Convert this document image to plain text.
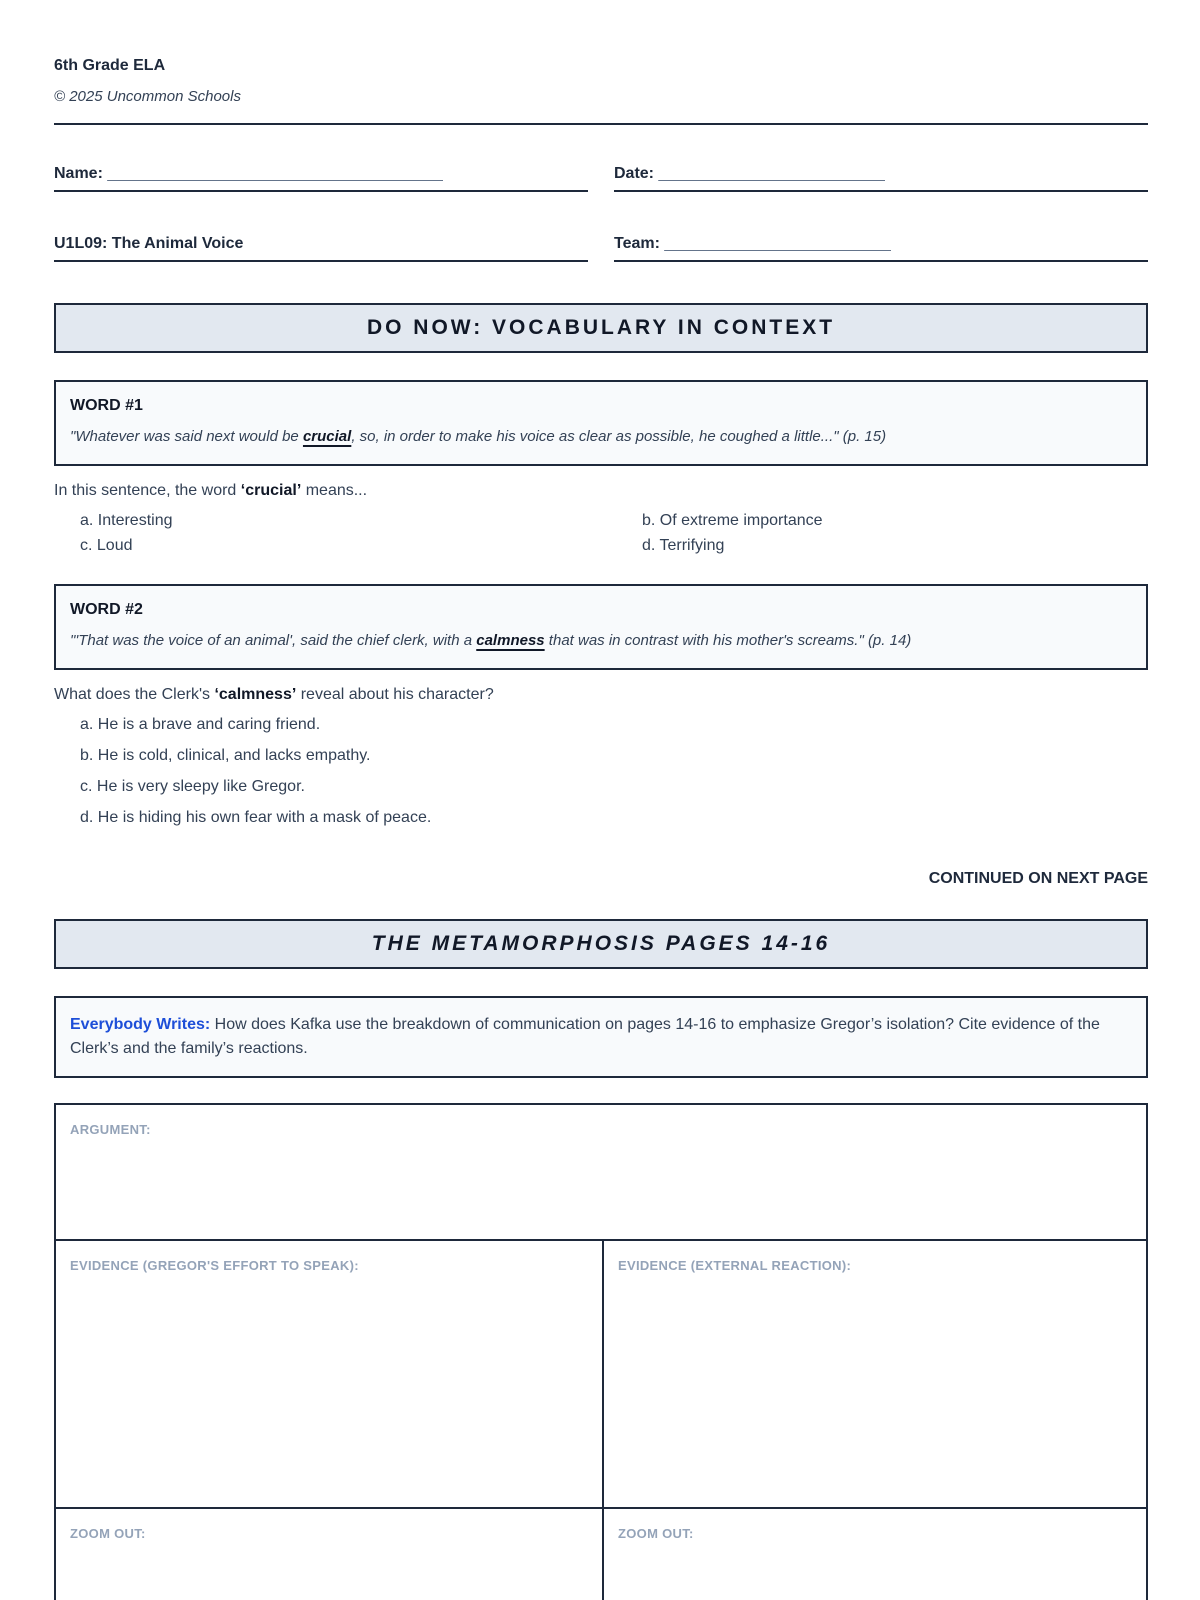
6th Grade ELA
© 2025 Uncommon Schools
Name: ________________________________________	Date: ___________________________
U1L09: The Animal Voice	Team: ___________________________
DO NOW: VOCABULARY IN CONTEXT
WORD #1
"Whatever was said next would be crucial, so, in order to make his voice as clear as possible, he coughed a little..." (p. 15)
In this sentence, the word ‘crucial’ means...
a. Interesting	b. Of extreme importance
c. Loud	d. Terrifying
WORD #2
"'That was the voice of an animal', said the chief clerk, with a calmness that was in contrast with his mother's screams." (p. 14)
What does the Clerk's ‘calmness’ reveal about his character?
a. He is a brave and caring friend.
b. He is cold, clinical, and lacks empathy.
c. He is very sleepy like Gregor.
d. He is hiding his own fear with a mask of peace.
CONTINUED ON NEXT PAGE
THE METAMORPHOSIS PAGES 14-16
Everybody Writes: How does Kafka use the breakdown of communication on pages 14-16 to emphasize Gregor’s isolation? Cite evidence of the Clerk’s and the family’s reactions.
ARGUMENT:
EVIDENCE (GREGOR'S EFFORT TO SPEAK):	EVIDENCE (EXTERNAL REACTION):
ZOOM OUT:	ZOOM OUT:
